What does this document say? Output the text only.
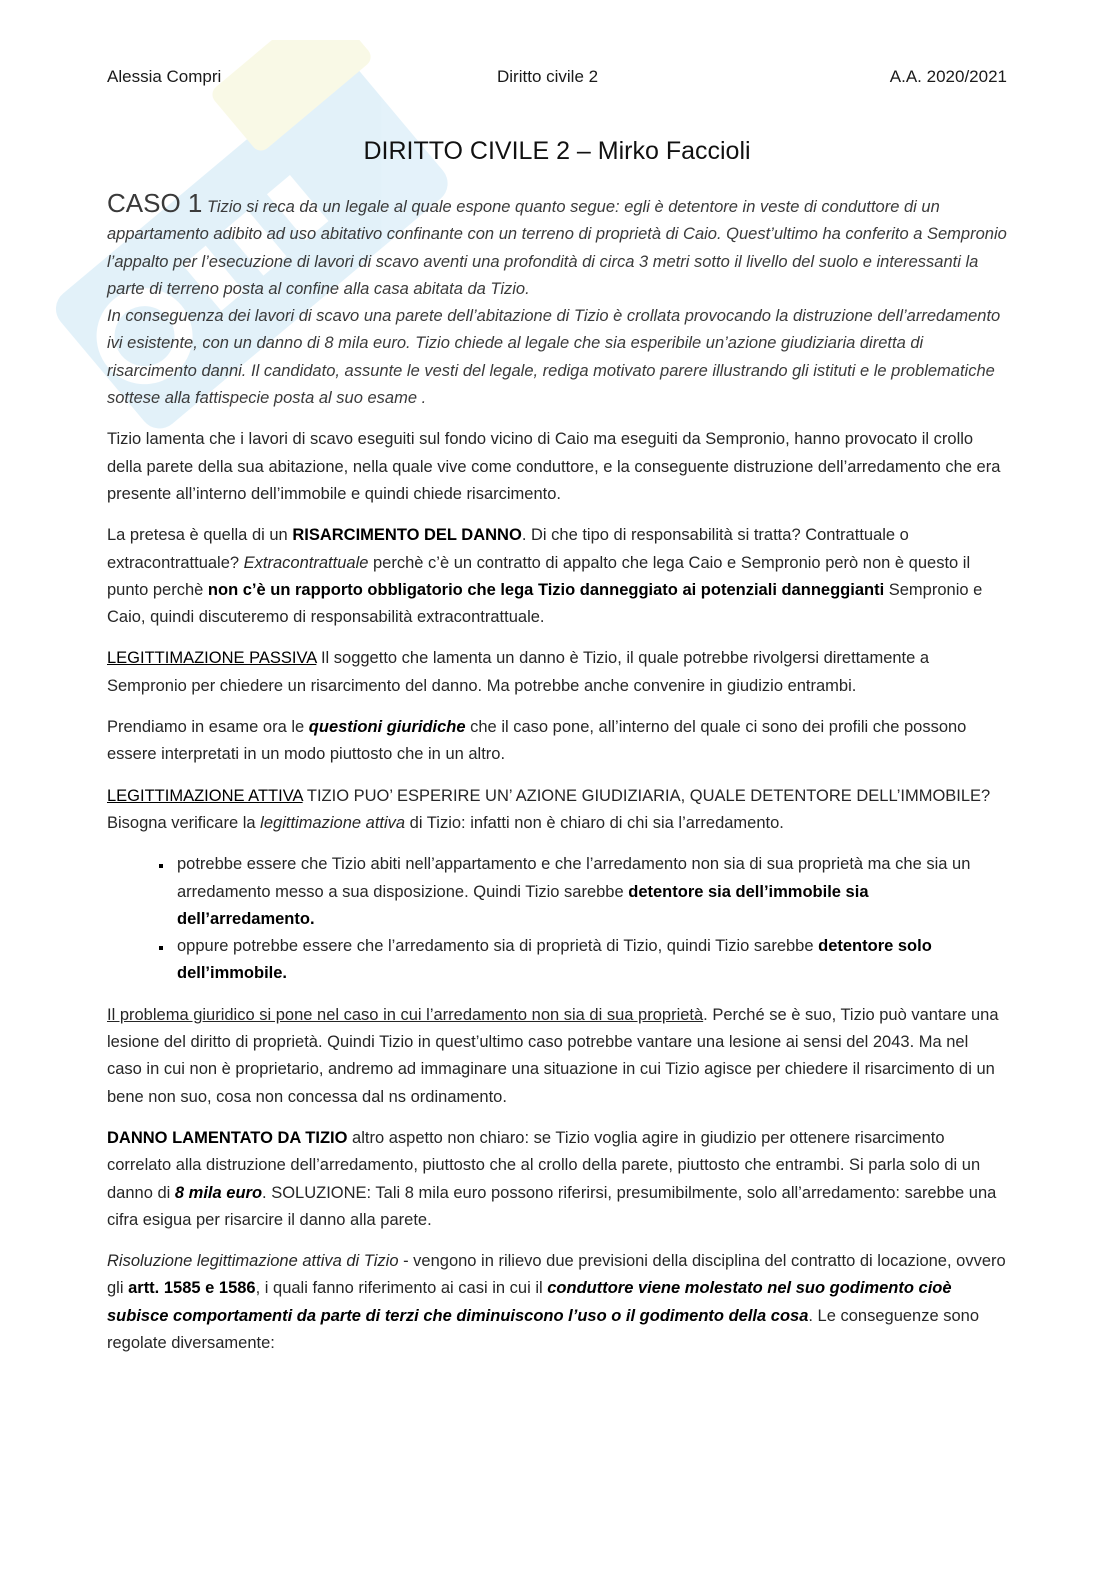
Alessia Compri	Diritto civile 2	A.A. 2020/2021
DIRITTO CIVILE 2 – Mirko Faccioli

CASO 1 Tizio si reca da un legale al quale espone quanto segue: egli è detentore in veste di conduttore di un appartamento adibito ad uso abitativo confinante con un terreno di proprietà di Caio. Quest’ultimo ha conferito a Sempronio l’appalto per l’esecuzione di lavori di scavo aventi una profondità di circa 3 metri sotto il livello del suolo e interessanti la parte di terreno posta al confine alla casa abitata da Tizio.
In conseguenza dei lavori di scavo una parete dell’abitazione di Tizio è crollata provocando la distruzione dell’arredamento ivi esistente, con un danno di 8 mila euro. Tizio chiede al legale che sia esperibile un’azione giudiziaria diretta di risarcimento danni. Il candidato, assunte le vesti del legale, rediga motivato parere illustrando gli istituti e le problematiche sottese alla fattispecie posta al suo esame .

Tizio lamenta che i lavori di scavo eseguiti sul fondo vicino di Caio ma eseguiti da Sempronio, hanno provocato il crollo della parete della sua abitazione, nella quale vive come conduttore, e la conseguente distruzione dell’arredamento che era presente all’interno dell’immobile e quindi chiede risarcimento.

La pretesa è quella di un RISARCIMENTO DEL DANNO. Di che tipo di responsabilità si tratta? Contrattuale o extracontrattuale? Extracontrattuale perchè c’è un contratto di appalto che lega Caio e Sempronio però non è questo il punto perchè non c’è un rapporto obbligatorio che lega Tizio danneggiato ai potenziali danneggianti Sempronio e Caio, quindi discuteremo di responsabilità extracontrattuale.

LEGITTIMAZIONE PASSIVA Il soggetto che lamenta un danno è Tizio, il quale potrebbe rivolgersi direttamente a Sempronio per chiedere un risarcimento del danno. Ma potrebbe anche convenire in giudizio entrambi.

Prendiamo in esame ora le questioni giuridiche che il caso pone, all’interno del quale ci sono dei profili che possono essere interpretati in un modo piuttosto che in un altro.

LEGITTIMAZIONE ATTIVA TIZIO PUO’ ESPERIRE UN’ AZIONE GIUDIZIARIA, QUALE DETENTORE DELL’IMMOBILE? Bisogna verificare la legittimazione attiva di Tizio: infatti non è chiaro di chi sia l’arredamento.

▪ potrebbe essere che Tizio abiti nell’appartamento e che l’arredamento non sia di sua proprietà ma che sia un arredamento messo a sua disposizione. Quindi Tizio sarebbe detentore sia dell’immobile sia dell’arredamento.
▪ oppure potrebbe essere che l’arredamento sia di proprietà di Tizio, quindi Tizio sarebbe detentore solo dell’immobile.

Il problema giuridico si pone nel caso in cui l’arredamento non sia di sua proprietà. Perché se è suo, Tizio può vantare una lesione del diritto di proprietà. Quindi Tizio in quest’ultimo caso potrebbe vantare una lesione ai sensi del 2043. Ma nel caso in cui non è proprietario, andremo ad immaginare una situazione in cui Tizio agisce per chiedere il risarcimento di un bene non suo, cosa non concessa dal ns ordinamento.

DANNO LAMENTATO DA TIZIO altro aspetto non chiaro: se Tizio voglia agire in giudizio per ottenere risarcimento correlato alla distruzione dell’arredamento, piuttosto che al crollo della parete, piuttosto che entrambi. Si parla solo di un danno di 8 mila euro. SOLUZIONE: Tali 8 mila euro possono riferirsi, presumibilmente, solo all’arredamento: sarebbe una cifra esigua per risarcire il danno alla parete.

Risoluzione legittimazione attiva di Tizio - vengono in rilievo due previsioni della disciplina del contratto di locazione, ovvero gli artt. 1585 e 1586, i quali fanno riferimento ai casi in cui il conduttore viene molestato nel suo godimento cioè subisce comportamenti da parte di terzi che diminuiscono l’uso o il godimento della cosa. Le conseguenze sono regolate diversamente:
